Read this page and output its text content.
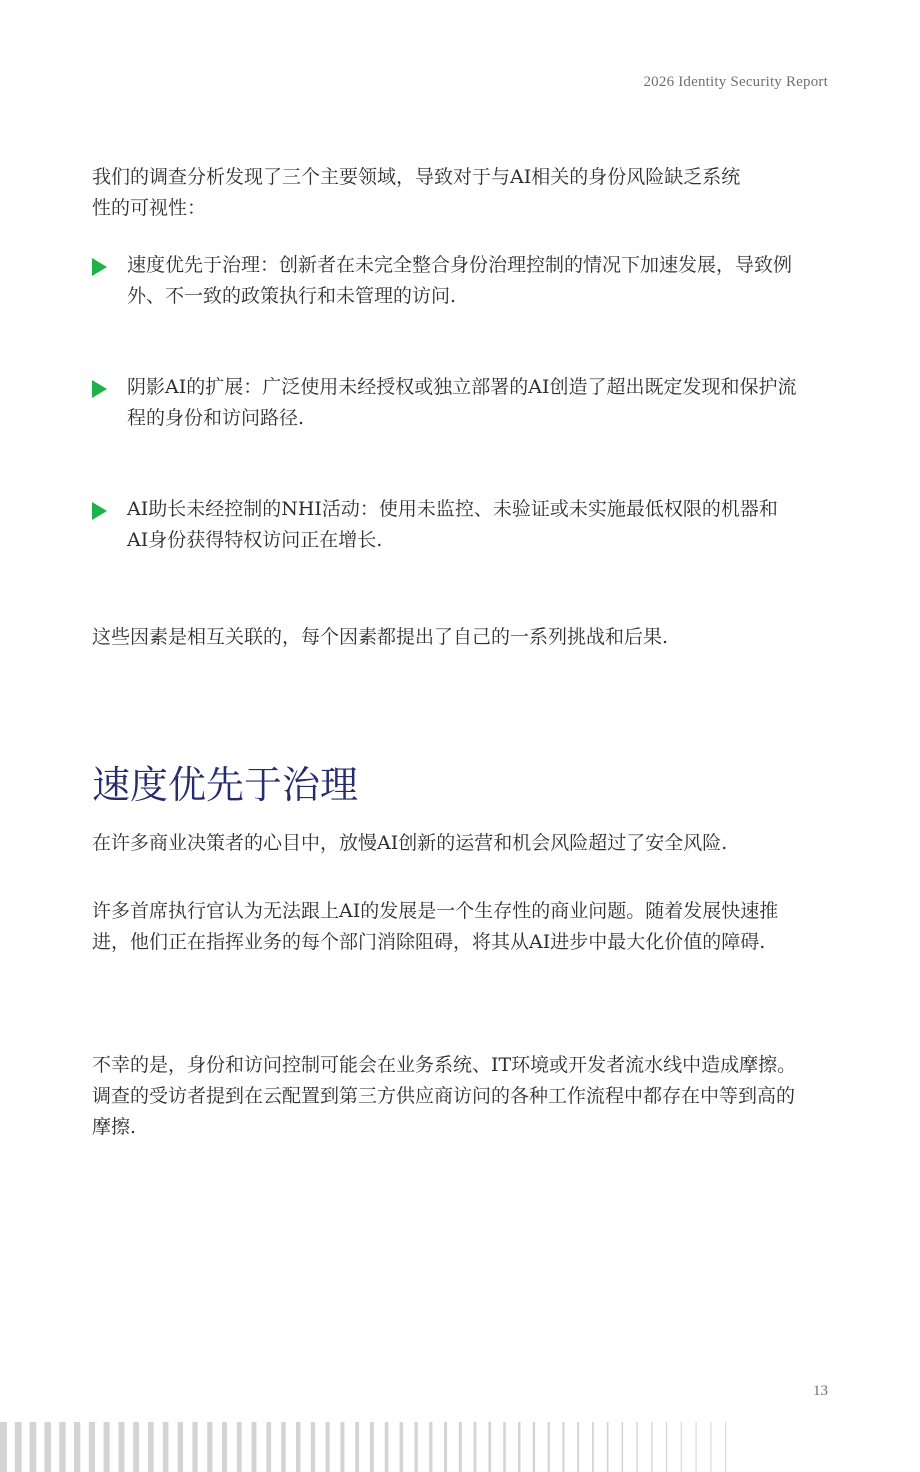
2026 Identity Security Report
我们的调查分析发现了三个主要领域，导致对于与AI相关的身份风险缺乏系统性的可视性：
速度优先于治理：创新者在未完全整合身份治理控制的情况下加速发展，导致例外、不一致的政策执行和未管理的访问.
阴影AI的扩展：广泛使用未经授权或独立部署的AI创造了超出既定发现和保护流程的身份和访问路径.
AI助长未经控制的NHI活动：使用未监控、未验证或未实施最低权限的机器和AI身份获得特权访问正在增长.
这些因素是相互关联的，每个因素都提出了自己的一系列挑战和后果.
速度优先于治理
在许多商业决策者的心目中，放慢AI创新的运营和机会风险超过了安全风险.
许多首席执行官认为无法跟上AI的发展是一个生存性的商业问题。随着发展快速推进，他们正在指挥业务的每个部门消除阻碍，将其从AI进步中最大化价值的障碍.
不幸的是，身份和访问控制可能会在业务系统、IT环境或开发者流水线中造成摩擦。调查的受访者提到在云配置到第三方供应商访问的各种工作流程中都存在中等到高的摩擦.
13
